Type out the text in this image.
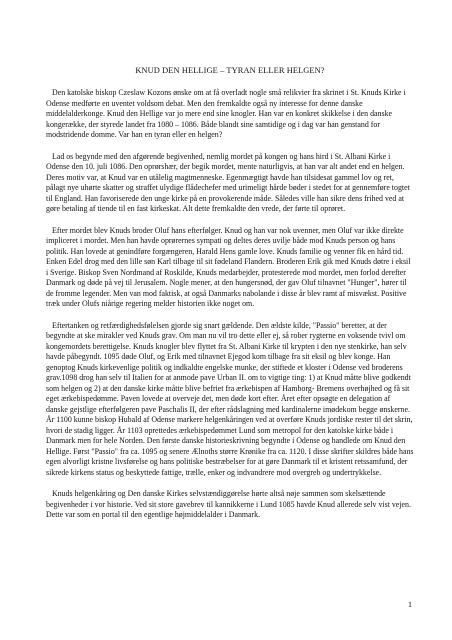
KNUD DEN HELLIGE – TYRAN ELLER HELGEN?

Den katolske biskop Czeslaw Kozons ønske om at få overladt nogle små relikvier fra skrinet i St. Knuds Kirke i Odense medførte en uventet voldsom debat. Men den fremkaldte også ny interesse for denne danske middelalderkonge. Knud den Hellige var jo mere end sine knogler. Han var en konkret skikkelse i den danske kongerække, der styrede landet fra 1080 – 1086. Både blandt sine samtidige og i dag var han genstand for modstridende domme. Var han en tyran eller en helgen?

Lad os begynde med den afgørende begivenhed, nemlig mordet på kongen og hans hird i St. Albani Kirke i Odense den 10. juli 1086. Den oprørshær, der begik mordet, mente naturligvis, at han var alt andet end en helgen. Deres motiv var, at Knud var en utålelig magtmenneske. Egenmægtigt havde han tilsidesat gammel lov og ret, pålagt nye uhørte skatter og straffet ulydige flådechefer med urimeligt hårde bøder i stedet for at gennemføre togtet til England. Han favoriserede den unge kirke på en provokerende måde. Således ville han sikre dens frihed ved at gøre betaling af tiende til en fast kirkeskat. Alt dette fremkaldte den vrede, der førte til oprøret.

Efter mordet blev Knuds broder Oluf hans efterfølger. Knud og han var nok uvenner, men Oluf var ikke direkte impliceret i mordet. Men han havde oprørernes sympati og deltes deres uvilje både mod Knuds person og hans politik. Han lovede at genindføre forgængeren, Harald Hens gamle love. Knuds familie og venner fik en hård tid. Enken Edel drog med den lille søn Karl tilbage til sit fødeland Flandern. Broderen Erik gik med Knuds døtre i eksil i Sverige. Biskop Sven Nordmand af Roskilde, Knuds medarbejder, protesterede mod mordet, men forlod derefter Danmark og døde på vej til Jerusalem. Nogle mener, at den hungersnød, der gav Oluf tilnavnet "Hunger", hører til de fromme legender. Men van mod faktisk, at også Danmarks nabolande i disse år blev ramt af misvækst. Positive træk under Olufs niårige regering melder historien ikke noget om.

Eftertanken og retfærdighedsfølelsen gjorde sig snart gældende. Den ældste kilde, "Passio" beretter, at der begyndte at ske mirakler ved Knuds grav. Om man nu vil tro dette eller ej, så rober rygterne en voksende tvivl om kongemordets berettigelse. Knuds knogler blev flyttet fra St. Albani Kirke til krypten i den nye stenkirke, han selv havde påbegyndt. 1095 døde Oluf, og Erik med tilnavnet Ejegod kom tilbage fra sit eksil og blev konge. Han genoptog Knuds kirkevenlige politik og indkaldte engelske munke, der stiftede et kloster i Odense ved broderens grav.1098 drog han selv til Italien for at anmode pave Urban II. om to vigtige ting: 1) at Knud måtte blive godkendt som helgen og 2) at den danske kirke måtte blive befriet fra ærkebispen af Hamborg- Bremens overhøjhed og få sit eget ærkebispedømme. Paven lovede at overveje det, men døde kort efter. Året efter opsøgte en delegation af danske gejstlige efterfølgeren pave Paschalis II, der efter rådslagning med kardinalerne imødekom begge ønskerne. År 1100 kunne biskop Hubald af Odense markere helgenkåringen ved at overføre Knuds jordiske rester til det skrin, hvori de stadig ligger. År 1103 oprettedes ærkebispedømmet Lund som metropol for den katolske kirke både i Danmark men for hele Norden. Den første danske historieskrivning begyndte i Odense og handlede om Knud den Hellige. Først "Passio" fra ca. 1095 og senere Ælnoths større Krønike fra ca. 1120. I disse skrifter skildres både hans egen alvorligt kristne livsførelse og hans politiske bestræbelser for at gøre Danmark til et kristent retssamfund, der sikrede kirkens status og beskyttede fattige, trælle, enker og indvandrere mod overgreb og undertrykkelse.

Knuds helgenkåring og Den danske Kirkes selvstændiggørelse hørte altså nøje sammen som skelsættende begivenheder i vor historie. Ved sit store gavebrev til kannikkerne i Lund 1085 havde Knud allerede selv vist vejen. Dette var som en portal til den egentlige højmiddelalder i Danmark.

1
